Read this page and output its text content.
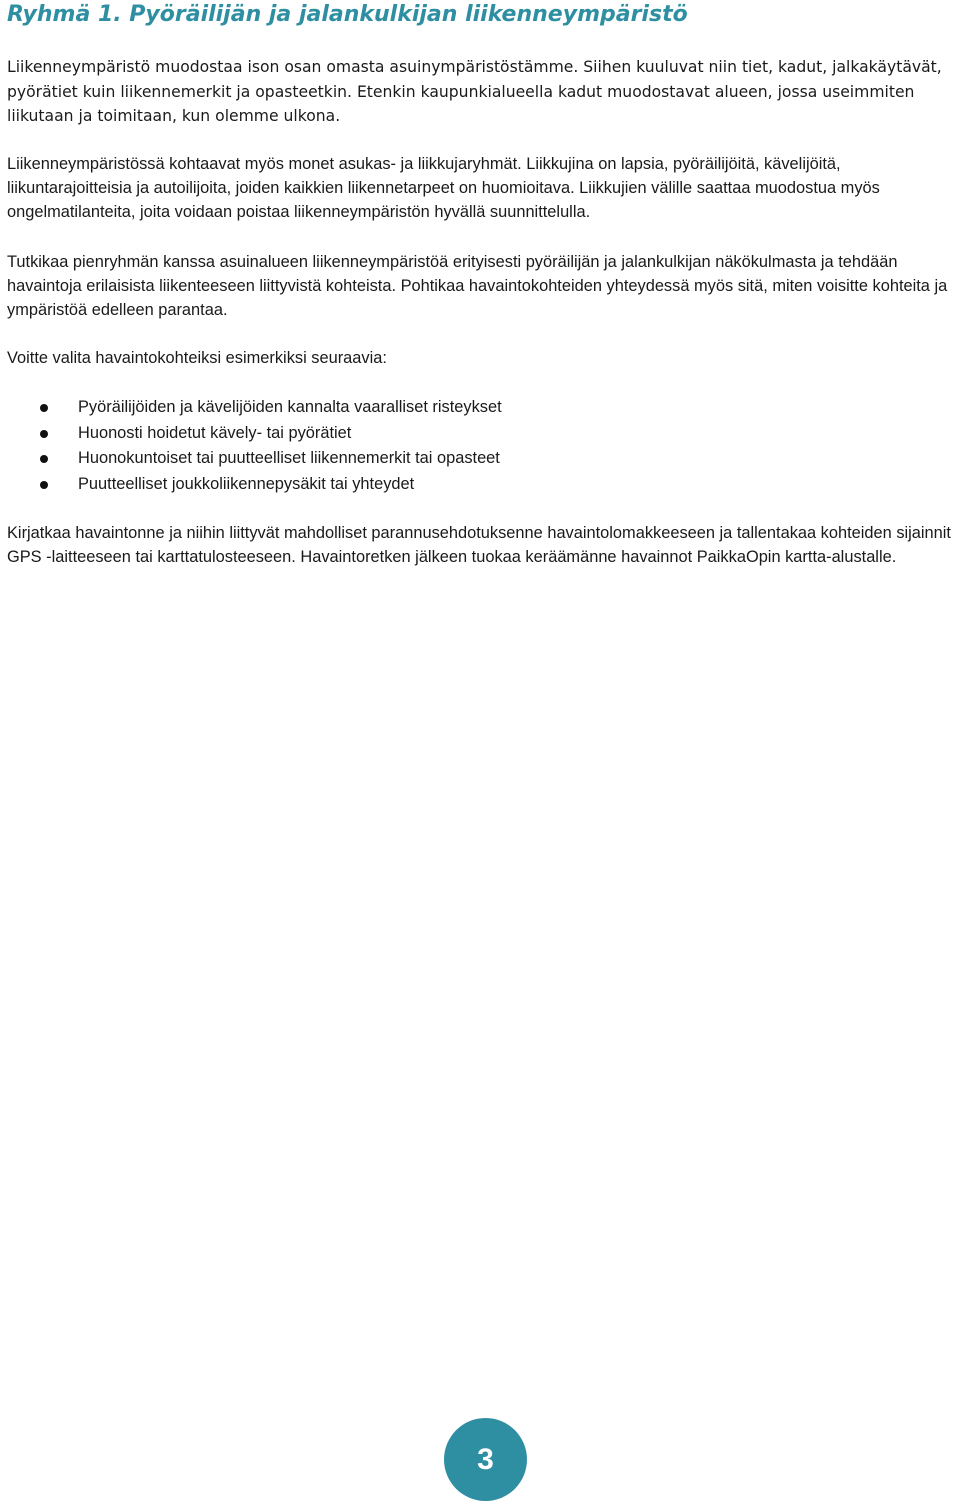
Ryhmä 1. Pyöräilijän ja jalankulkijan liikenneympäristö

Liikenneympäristö muodostaa ison osan omasta asuinympäristöstämme. Siihen kuuluvat niin tiet, kadut, jalkakäytävät, pyörätiet kuin liikennemerkit ja opasteetkin. Etenkin kaupunkialueella kadut muodostavat alueen, jossa useimmiten liikutaan ja toimitaan, kun olemme ulkona.

Liikenneympäristössä kohtaavat myös monet asukas- ja liikkujaryhmät. Liikkujina on lapsia, pyöräilijöitä, kävelijöitä, liikuntarajoitteisia ja autoilijoita, joiden kaikkien liikennetarpeet on huomioitava. Liikkujien välille saattaa muodostua myös ongelmatilanteita, joita voidaan poistaa liikenneympäristön hyvällä suunnittelulla.

Tutkikaa pienryhmän kanssa asuinalueen liikenneympäristöä erityisesti pyöräilijän ja jalankulkijan näkökulmasta ja tehdään havaintoja erilaisista liikenteeseen liittyvistä kohteista. Pohtikaa havaintokohteiden yhteydessä myös sitä, miten voisitte kohteita ja ympäristöä edelleen parantaa.

Voitte valita havaintokohteiksi esimerkiksi seuraavia:

Pyöräilijöiden ja kävelijöiden kannalta vaaralliset risteykset
Huonosti hoidetut kävely- tai pyörätiet
Huonokuntoiset tai puutteelliset liikennemerkit tai opasteet
Puutteelliset joukkoliikennepysäkit tai yhteydet

Kirjatkaa havaintonne ja niihin liittyvät mahdolliset parannusehdotuksenne havaintolomakkeeseen ja tallentakaa kohteiden sijainnit GPS -laitteeseen tai karttatulosteeseen. Havaintoretken jälkeen tuokaa keräämänne havainnot PaikkaOpin kartta-alustalle.

3
